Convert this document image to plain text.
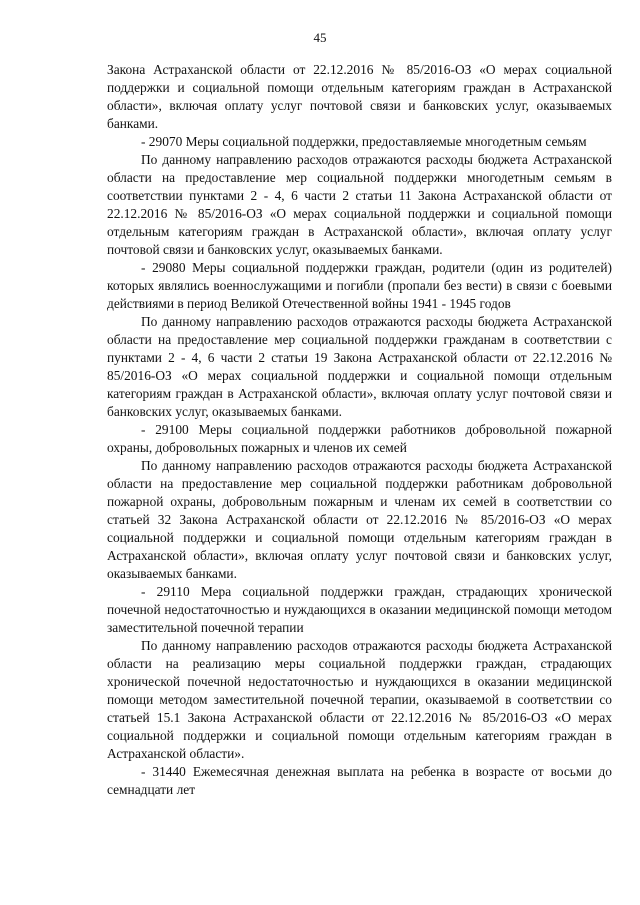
45

Закона Астраханской области от 22.12.2016 № 85/2016-ОЗ «О мерах социальной поддержки и социальной помощи отдельным категориям граждан в Астраханской области», включая оплату услуг почтовой связи и банковских услуг, оказываемых банками.

- 29070 Меры социальной поддержки, предоставляемые многодетным семьям

По данному направлению расходов отражаются расходы бюджета Астраханской области на предоставление мер социальной поддержки многодетным семьям в соответствии пунктами 2 - 4, 6 части 2 статьи 11 Закона Астраханской области от 22.12.2016 № 85/2016-ОЗ «О мерах социальной поддержки и социальной помощи отдельным категориям граждан в Астраханской области», включая оплату услуг почтовой связи и банковских услуг, оказываемых банками.

- 29080 Меры социальной поддержки граждан, родители (один из родителей) которых являлись военнослужащими и погибли (пропали без вести) в связи с боевыми действиями в период Великой Отечественной войны 1941 - 1945 годов

По данному направлению расходов отражаются расходы бюджета Астраханской области на предоставление мер социальной поддержки гражданам в соответствии с пунктами 2 - 4, 6 части 2 статьи 19 Закона Астраханской области от 22.12.2016 № 85/2016-ОЗ «О мерах социальной поддержки и социальной помощи отдельным категориям граждан в Астраханской области», включая оплату услуг почтовой связи и банковских услуг, оказываемых банками.

- 29100 Меры социальной поддержки работников добровольной пожарной охраны, добровольных пожарных и членов их семей

По данному направлению расходов отражаются расходы бюджета Астраханской области на предоставление мер социальной поддержки работникам добровольной пожарной охраны, добровольным пожарным и членам их семей в соответствии со статьей 32 Закона Астраханской области от 22.12.2016 № 85/2016-ОЗ «О мерах социальной поддержки и социальной помощи отдельным категориям граждан в Астраханской области», включая оплату услуг почтовой связи и банковских услуг, оказываемых банками.

- 29110 Мера социальной поддержки граждан, страдающих хронической почечной недостаточностью и нуждающихся в оказании медицинской помощи методом заместительной почечной терапии

По данному направлению расходов отражаются расходы бюджета Астраханской области на реализацию меры социальной поддержки граждан, страдающих хронической почечной недостаточностью и нуждающихся в оказании медицинской помощи методом заместительной почечной терапии, оказываемой в соответствии со статьей 15.1 Закона Астраханской области от 22.12.2016 № 85/2016-ОЗ «О мерах социальной поддержки и социальной помощи отдельным категориям граждан в Астраханской области».

- 31440 Ежемесячная денежная выплата на ребенка в возрасте от восьми до семнадцати лет
